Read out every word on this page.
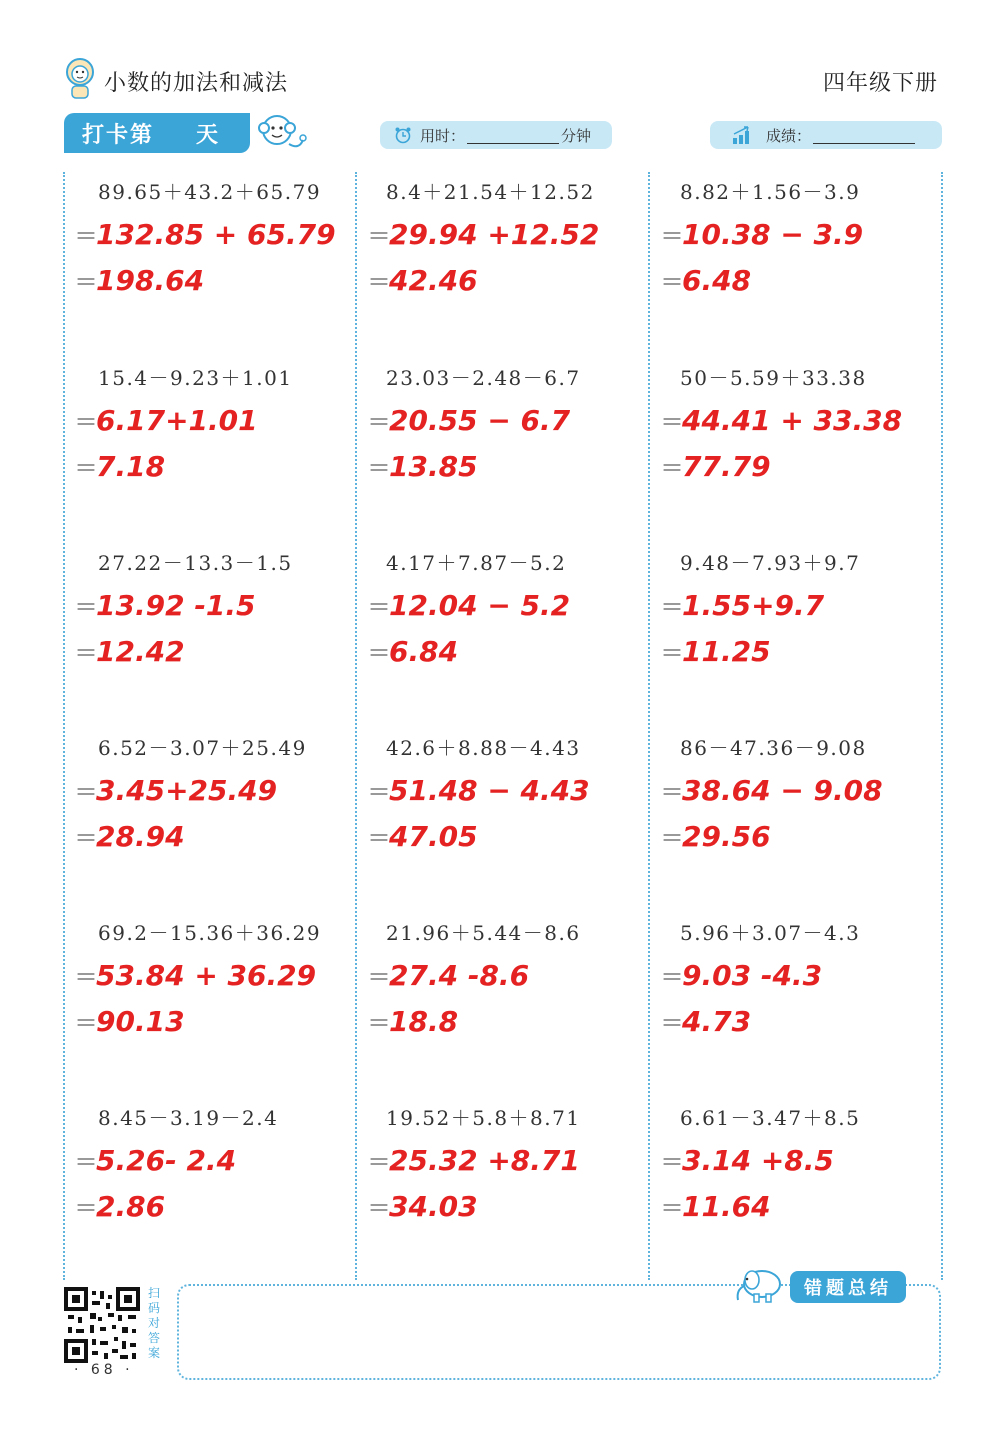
小数的加法和减法	四年级下册
打卡第 天	用时：	分钟	成绩：
89.65＋43.2＋65.79
＝132.85 + 65.79
＝198.64
8.4＋21.54＋12.52
＝29.94 +12.52
＝42.46
8.82＋1.56－3.9
＝10.38 − 3.9
＝6.48
15.4－9.23＋1.01
＝6.17+1.01
＝7.18
23.03－2.48－6.7
＝20.55 − 6.7
＝13.85
50－5.59＋33.38
＝44.41 + 33.38
＝77.79
27.22－13.3－1.5
＝13.92 -1.5
＝12.42
4.17＋7.87－5.2
＝12.04 − 5.2
＝6.84
9.48－7.93＋9.7
＝1.55+9.7
＝11.25
6.52－3.07＋25.49
＝3.45+25.49
＝28.94
42.6＋8.88－4.43
＝51.48 − 4.43
＝47.05
86－47.36－9.08
＝38.64 − 9.08
＝29.56
69.2－15.36＋36.29
＝53.84 + 36.29
＝90.13
21.96＋5.44－8.6
＝27.4 -8.6
＝18.8
5.96＋3.07－4.3
＝9.03 -4.3
＝4.73
8.45－3.19－2.4
＝5.26- 2.4
＝2.86
19.52＋5.8＋8.71
＝25.32 +8.71
＝34.03
6.61－3.47＋8.5
＝3.14 +8.5
＝11.64
扫码对答案
· 68 ·
错题总结
